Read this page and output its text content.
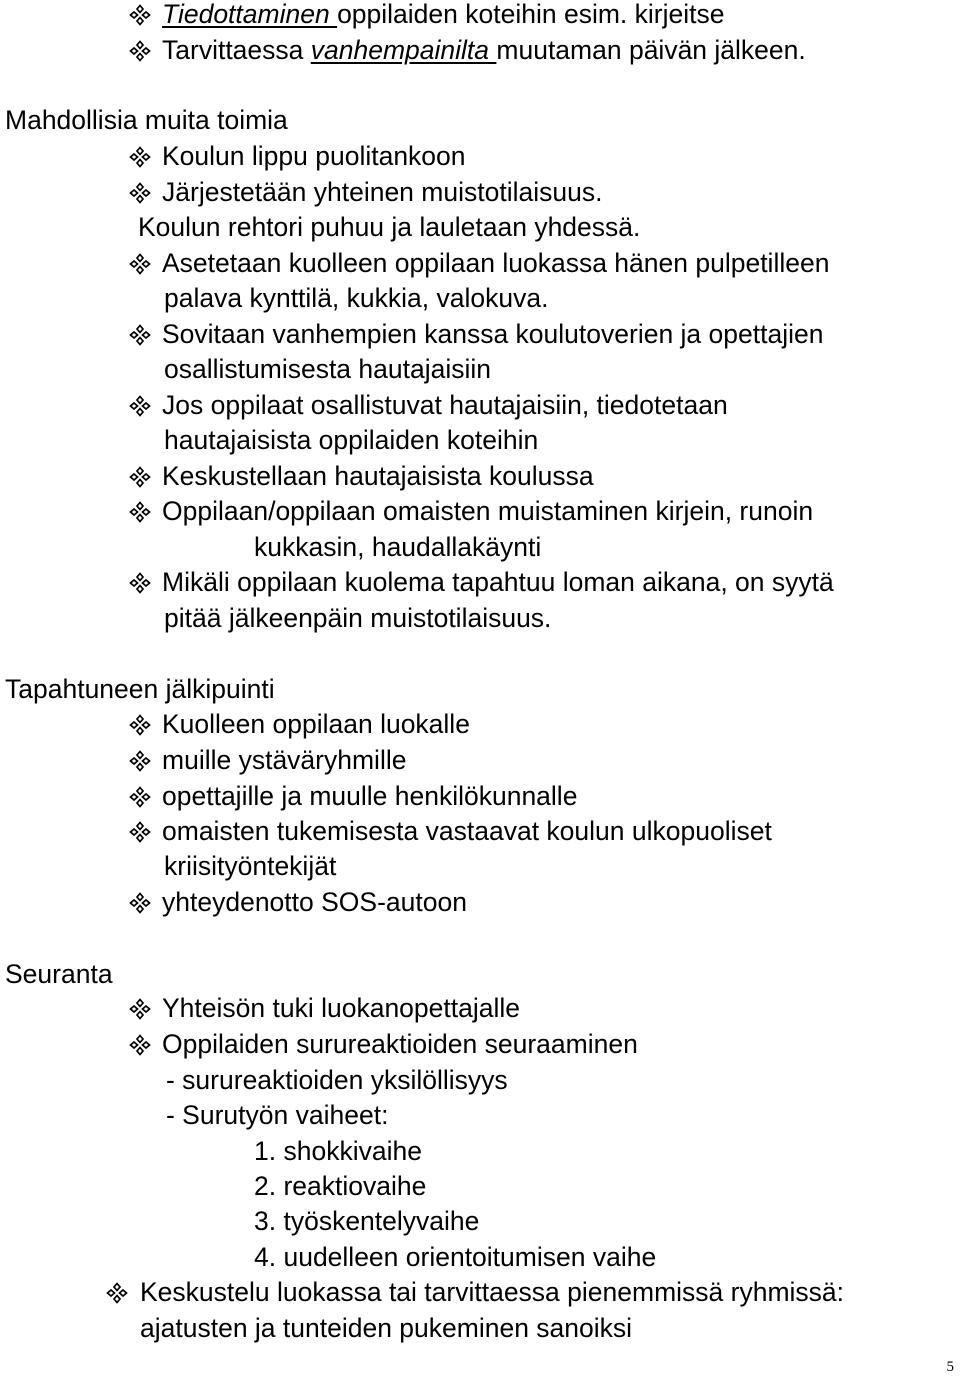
Tiedottaminen oppilaiden koteihin esim. kirjeitse
Tarvittaessa vanhempainilta muutaman päivän jälkeen.
Mahdollisia muita toimia
Koulun lippu puolitankoon
Järjestetään yhteinen muistotilaisuus.
Koulun rehtori puhuu ja lauletaan yhdessä.
Asetetaan kuolleen oppilaan luokassa hänen pulpetilleen
palava kynttilä, kukkia, valokuva.
Sovitaan vanhempien kanssa koulutoverien ja opettajien
osallistumisesta hautajaisiin
Jos oppilaat osallistuvat hautajaisiin, tiedotetaan
hautajaisista oppilaiden koteihin
Keskustellaan hautajaisista koulussa
Oppilaan/oppilaan omaisten muistaminen kirjein, runoin
kukkasin, haudallakäynti
Mikäli oppilaan kuolema tapahtuu loman aikana, on syytä
pitää jälkeenpäin muistotilaisuus.
Tapahtuneen jälkipuinti
Kuolleen oppilaan luokalle
muille ystäväryhmille
opettajille ja muulle henkilökunnalle
omaisten tukemisesta vastaavat koulun ulkopuoliset
kriisityöntekijät
yhteydenotto SOS-autoon
Seuranta
Yhteisön tuki luokanopettajalle
Oppilaiden surureaktioiden seuraaminen
- surureaktioiden yksilöllisyys
- Surutyön vaiheet:
1. shokkivaihe
2. reaktiovaihe
3. työskentelyvaihe
4. uudelleen orientoitumisen vaihe
Keskustelu luokassa tai tarvittaessa pienemmissä ryhmissä:
ajatusten ja tunteiden pukeminen sanoiksi
5
